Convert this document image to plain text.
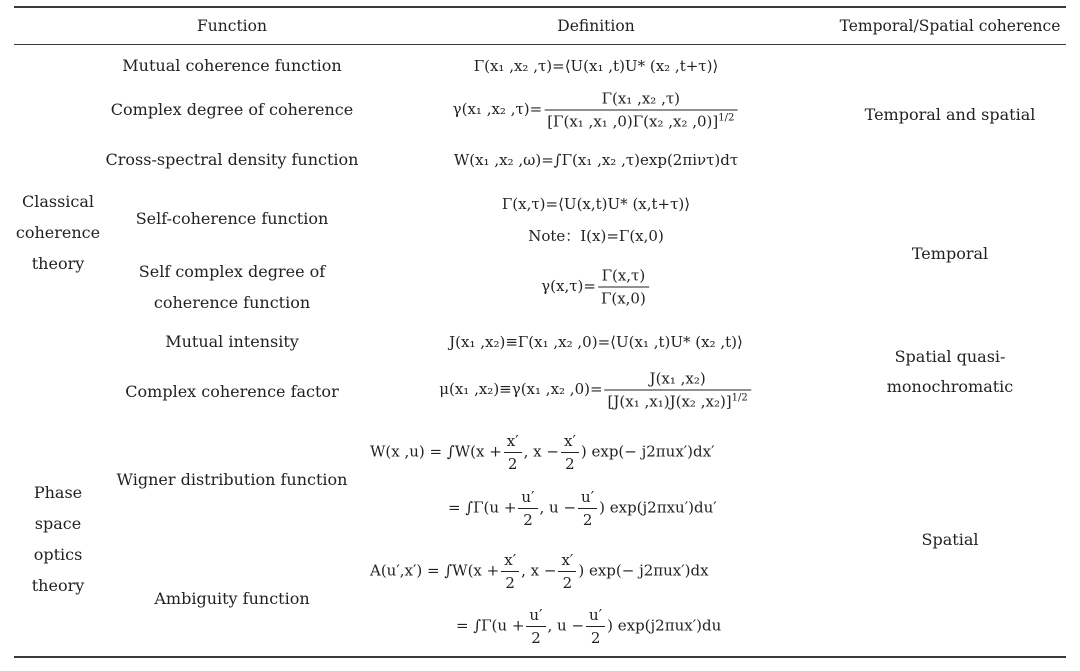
Function	Definition	Temporal/Spatial coherence
Classical
coherence
theory
Phase
space
optics
theory
Mutual coherence function
Complex degree of coherence
Cross-spectral density function
Self-coherence function
Self complex degree of
coherence function
Mutual intensity
Complex coherence factor
Wigner distribution function
Ambiguity function
Γ(x₁ ,x₂ ,τ)=⟨U(x₁ ,t)U* (x₂ ,t+τ)⟩
γ(x₁ ,x₂ $,\tau)= \frac{\text{Γ(x₁ ,x₂ ,τ)}}{[\Gamma(x_1 ,x_1 ,0)\Gamma(x_2 ,x_2 ,0)]^{1/2}}$
W(x₁ ,x₂ ,ω)=∫Γ(x₁ ,x₂ ,τ)exp(2πiντ)dτ
Γ(x,τ)=⟨U(x,t)U* (x,t+τ)⟩
Note：I(x)=Γ(x,0)
$\gamma(x,\tau)= \frac{\Gamma(x,\tau)}{\Gamma(x,0)}$
J(x₁ ,x₂)≡Γ(x₁ ,x₂ ,0)=⟨U(x₁ ,t)U* (x₂ ,t)⟩
μ(x₁ ,x₂)≡γ(x₁ ,x₂ $,0)= \frac{\text{J(x₁ ,x₂)}}{[J(x_1 ,x_1)J(x_2 ,x_2)]^{1/2}}$
W(x $,u) = \int W(x + \frac{x'}{2}$ , $x - \frac{x'}{2}$ ) exp(− j2πux′)dx′
= $\int\Gamma(u + \frac{u'}{2}$ , $u - \frac{u'}{2}$ ) exp(j2πxu′)du′
$A(u',x') = \int W(x + \frac{x'}{2}$ , $x - \frac{x'}{2}$ ) exp(− j2πux′)dx
= $\int\Gamma(u + \frac{u'}{2}$ , $u - \frac{u'}{2}$ ) exp(j2πux′)du
Temporal and spatial
Temporal
Spatial quasi-
monochromatic
Spatial
